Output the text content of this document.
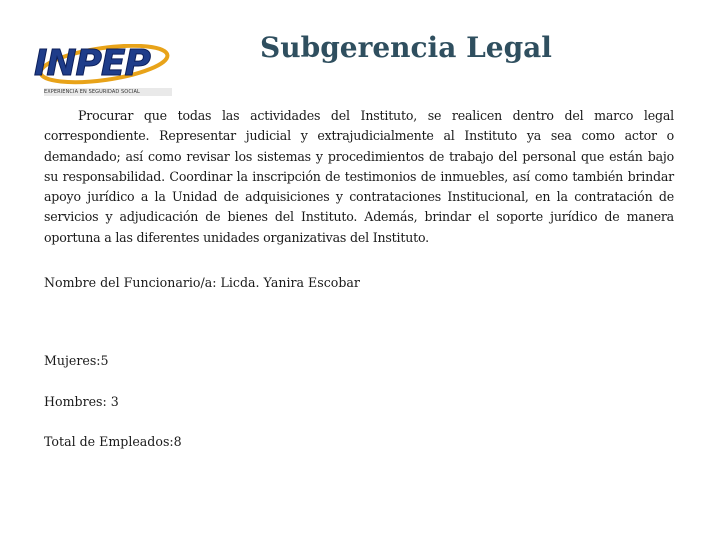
INPEP
EXPERIENCIA EN SEGURIDAD SOCIAL
Subgerencia Legal

Procurar que todas las actividades del Instituto, se realicen dentro del marco legal correspondiente. Representar judicial y extrajudicialmente al Instituto ya sea como actor o demandado; así como revisar los sistemas y procedimientos de trabajo del personal que están bajo su responsabilidad. Coordinar la inscripción de testimonios de inmuebles, así como también brindar apoyo jurídico a la Unidad de adquisiciones y contrataciones Institucional, en la contratación de servicios y adjudicación de bienes del Instituto. Además, brindar el soporte jurídico de manera oportuna a las diferentes unidades organizativas del Instituto.

Nombre del Funcionario/a: Licda. Yanira Escobar

Mujeres:5

Hombres: 3

Total de Empleados:8
